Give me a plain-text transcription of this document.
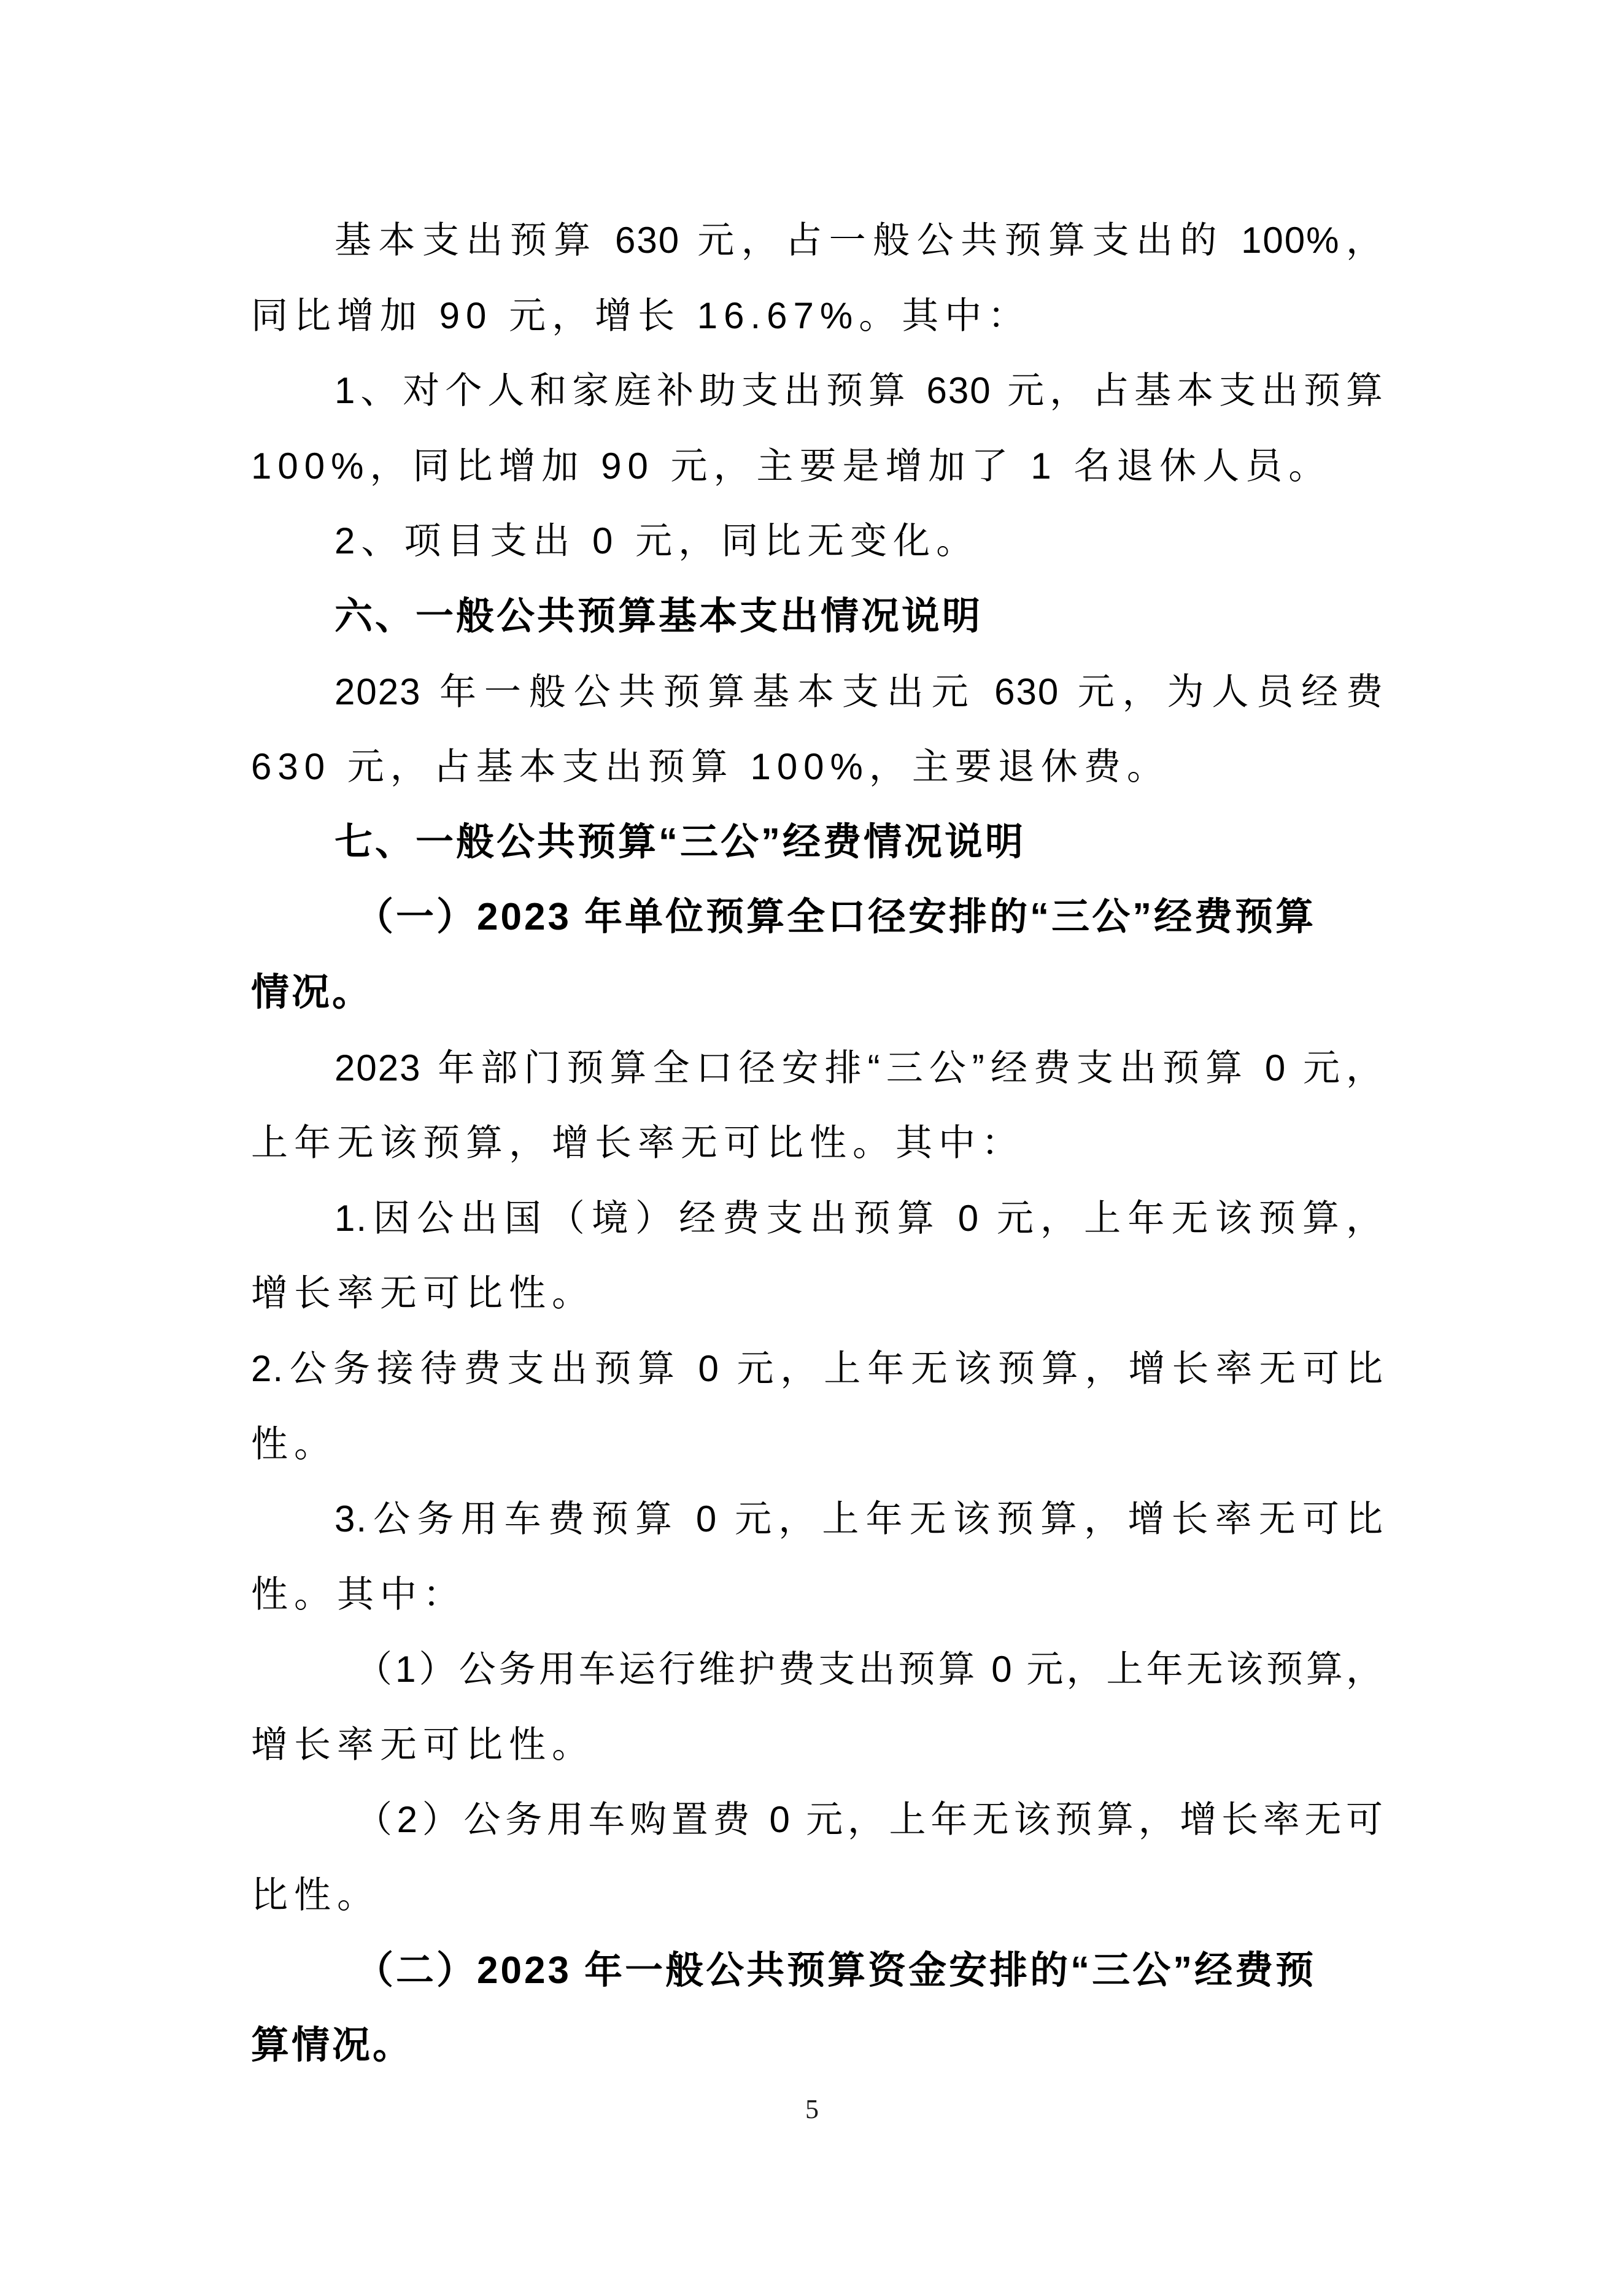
基本支出预算 630 元，占一般公共预算支出的 100%，
同比增加 90 元，增长 16.67%。其中：
1、对个人和家庭补助支出预算 630 元，占基本支出预算
100%，同比增加 90 元，主要是增加了 1 名退休人员。
2、项目支出 0 元，同比无变化。
六、一般公共预算基本支出情况说明
2023 年一般公共预算基本支出元 630 元，为人员经费
630 元，占基本支出预算 100%，主要退休费。
七、一般公共预算“三公”经费情况说明
（一）2023 年单位预算全口径安排的“三公”经费预算
情况。
2023 年部门预算全口径安排“三公”经费支出预算 0 元，
上年无该预算，增长率无可比性。其中：
1.因公出国（境）经费支出预算 0 元，上年无该预算，
增长率无可比性。
2.公务接待费支出预算 0 元，上年无该预算，增长率无可比
性。
3.公务用车费预算 0 元，上年无该预算，增长率无可比
性。其中：
（1）公务用车运行维护费支出预算 0 元，上年无该预算，
增长率无可比性。
（2）公务用车购置费 0 元，上年无该预算，增长率无可
比性。
（二）2023 年一般公共预算资金安排的“三公”经费预
算情况。
5
